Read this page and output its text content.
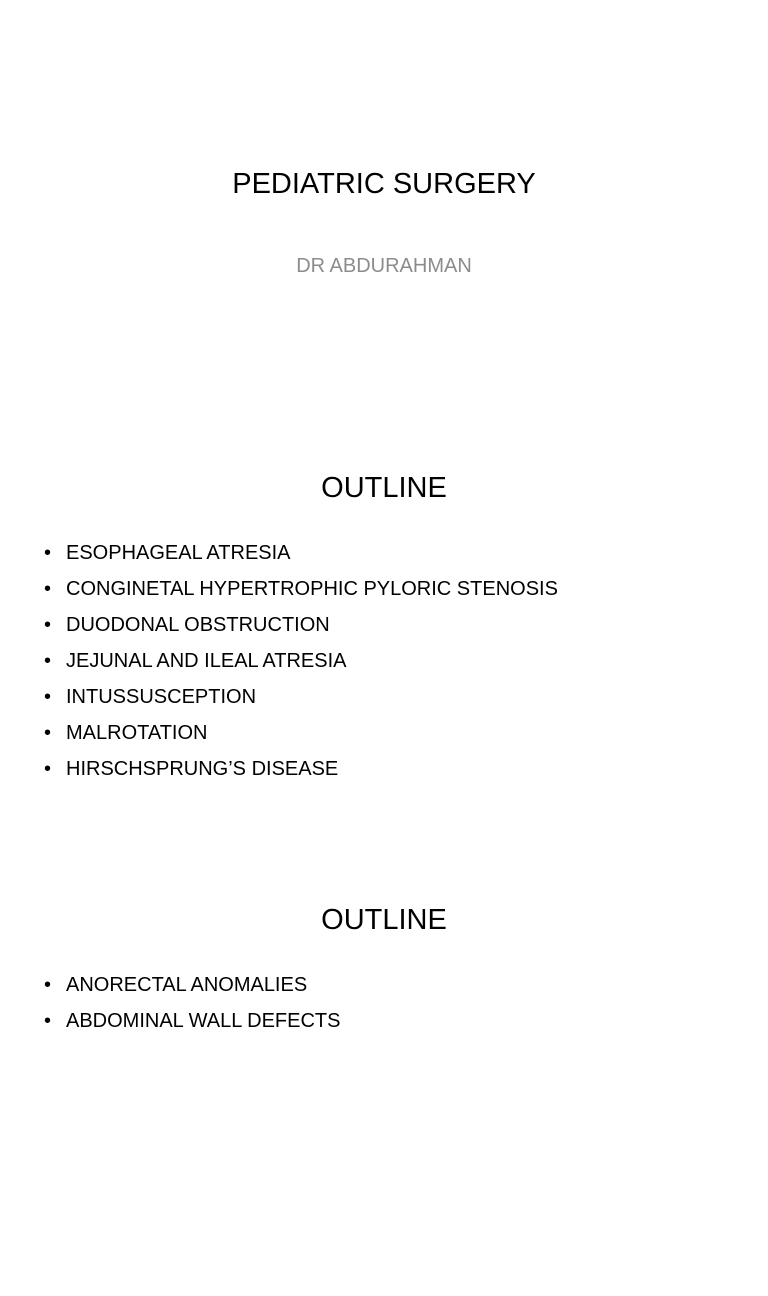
PEDIATRIC SURGERY
DR ABDURAHMAN
OUTLINE
• ESOPHAGEAL ATRESIA
• CONGINETAL HYPERTROPHIC PYLORIC STENOSIS
• DUODONAL OBSTRUCTION
• JEJUNAL AND ILEAL ATRESIA
• INTUSSUSCEPTION
• MALROTATION
• HIRSCHSPRUNG’S DISEASE
OUTLINE
• ANORECTAL ANOMALIES
• ABDOMINAL WALL DEFECTS
